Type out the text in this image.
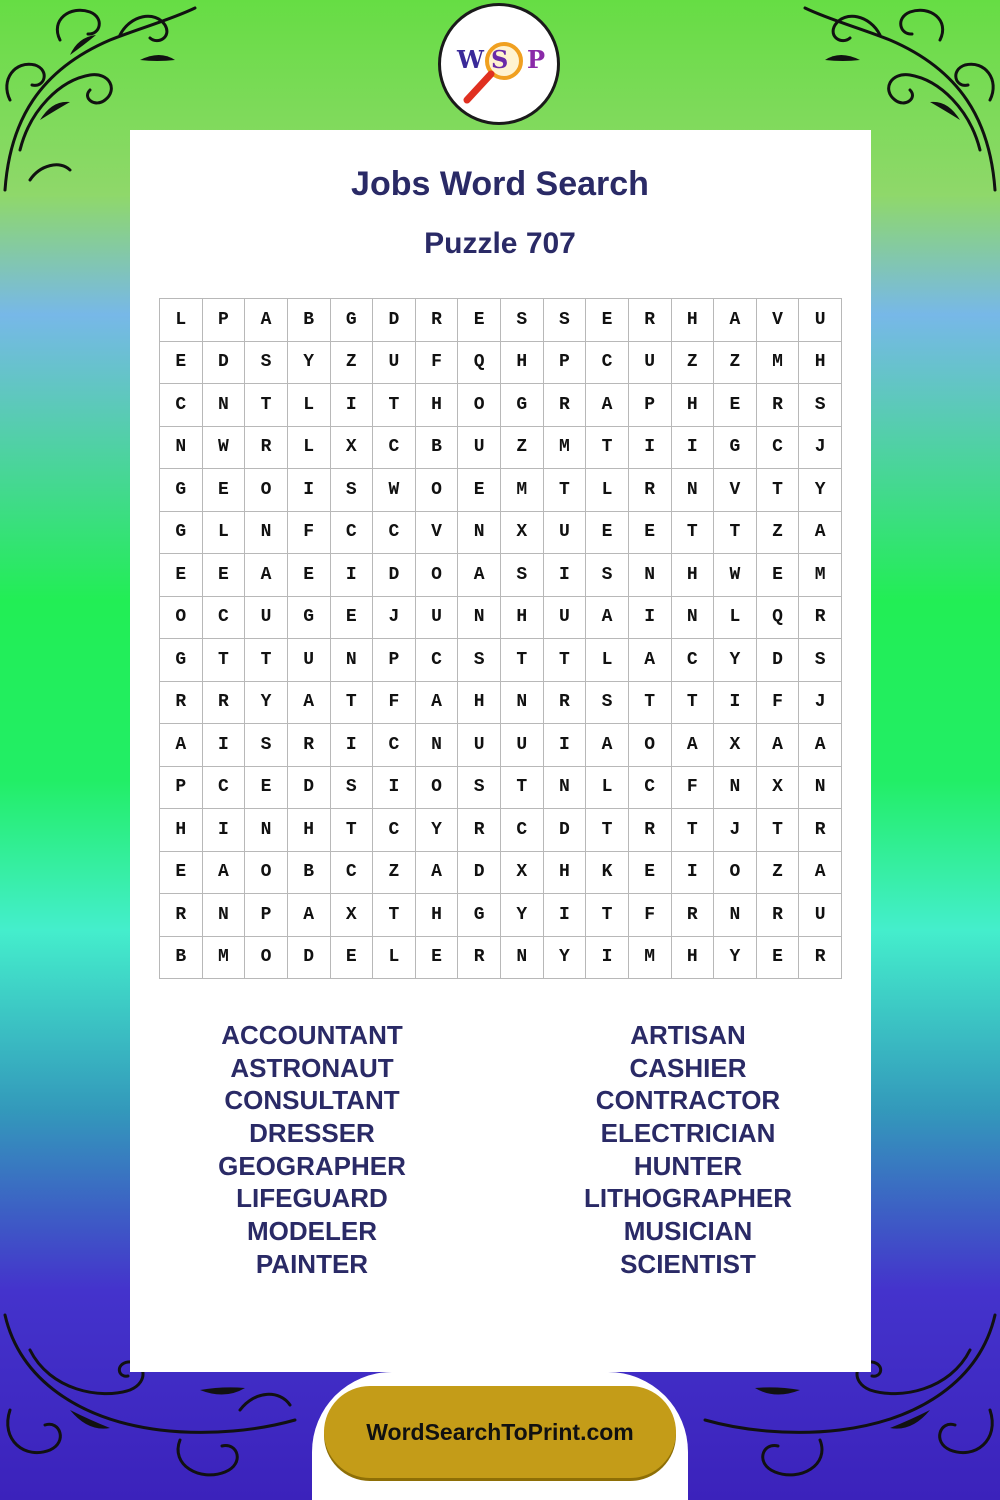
W S P
Jobs Word Search
Puzzle 707
L	P	A	B	G	D	R	E	S	S	E	R	H	A	V	U
E	D	S	Y	Z	U	F	Q	H	P	C	U	Z	Z	M	H
C	N	T	L	I	T	H	O	G	R	A	P	H	E	R	S
N	W	R	L	X	C	B	U	Z	M	T	I	I	G	C	J
G	E	O	I	S	W	O	E	M	T	L	R	N	V	T	Y
G	L	N	F	C	C	V	N	X	U	E	E	T	T	Z	A
E	E	A	E	I	D	O	A	S	I	S	N	H	W	E	M
O	C	U	G	E	J	U	N	H	U	A	I	N	L	Q	R
G	T	T	U	N	P	C	S	T	T	L	A	C	Y	D	S
R	R	Y	A	T	F	A	H	N	R	S	T	T	I	F	J
A	I	S	R	I	C	N	U	U	I	A	O	A	X	A	A
P	C	E	D	S	I	O	S	T	N	L	C	F	N	X	N
H	I	N	H	T	C	Y	R	C	D	T	R	T	J	T	R
E	A	O	B	C	Z	A	D	X	H	K	E	I	O	Z	A
R	N	P	A	X	T	H	G	Y	I	T	F	R	N	R	U
B	M	O	D	E	L	E	R	N	Y	I	M	H	Y	E	R
ACCOUNTANT
ASTRONAUT
CONSULTANT
DRESSER
GEOGRAPHER
LIFEGUARD
MODELER
PAINTER
ARTISAN
CASHIER
CONTRACTOR
ELECTRICIAN
HUNTER
LITHOGRAPHER
MUSICIAN
SCIENTIST
WordSearchToPrint.com
